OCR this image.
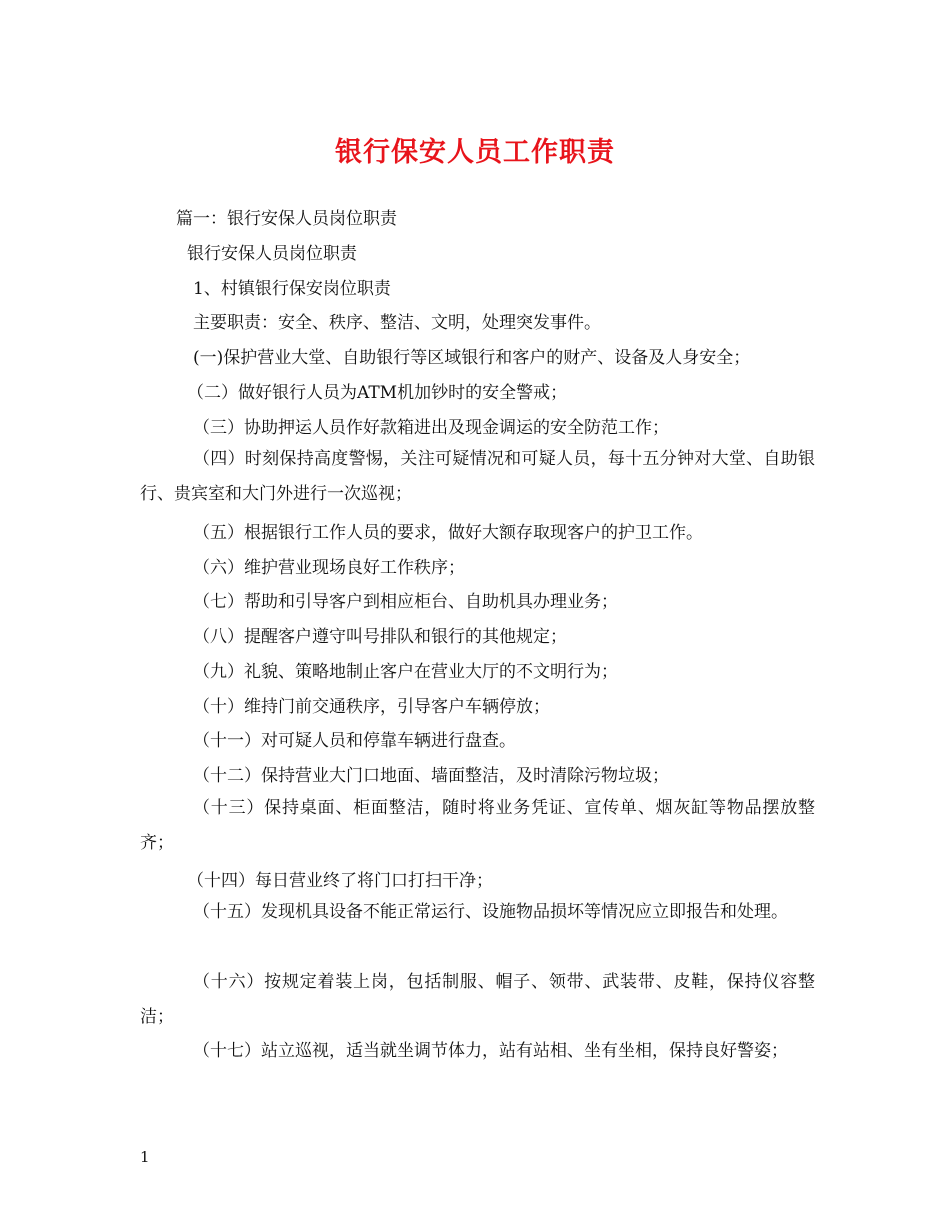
银行保安人员工作职责

篇一：银行安保人员岗位职责

银行安保人员岗位职责

1、村镇银行保安岗位职责

主要职责：安全、秩序、整洁、文明，处理突发事件。

(一)保护营业大堂、自助银行等区域银行和客户的财产、设备及人身安全；

（二）做好银行人员为ATM机加钞时的安全警戒；

（三）协助押运人员作好款箱进出及现金调运的安全防范工作；

（四）时刻保持高度警惕，关注可疑情况和可疑人员，每十五分钟对大堂、自助银行、贵宾室和大门外进行一次巡视；

（五）根据银行工作人员的要求，做好大额存取现客户的护卫工作。

（六）维护营业现场良好工作秩序；

（七）帮助和引导客户到相应柜台、自助机具办理业务；

（八）提醒客户遵守叫号排队和银行的其他规定；

（九）礼貌、策略地制止客户在营业大厅的不文明行为；

（十）维持门前交通秩序，引导客户车辆停放；

（十一）对可疑人员和停靠车辆进行盘查。

（十二）保持营业大门口地面、墙面整洁，及时清除污物垃圾；

（十三）保持桌面、柜面整洁，随时将业务凭证、宣传单、烟灰缸等物品摆放整齐；

（十四）每日营业终了将门口打扫干净；

（十五）发现机具设备不能正常运行、设施物品损坏等情况应立即报告和处理。

（十六）按规定着装上岗，包括制服、帽子、领带、武装带、皮鞋，保持仪容整洁；

（十七）站立巡视，适当就坐调节体力，站有站相、坐有坐相，保持良好警姿；

1
